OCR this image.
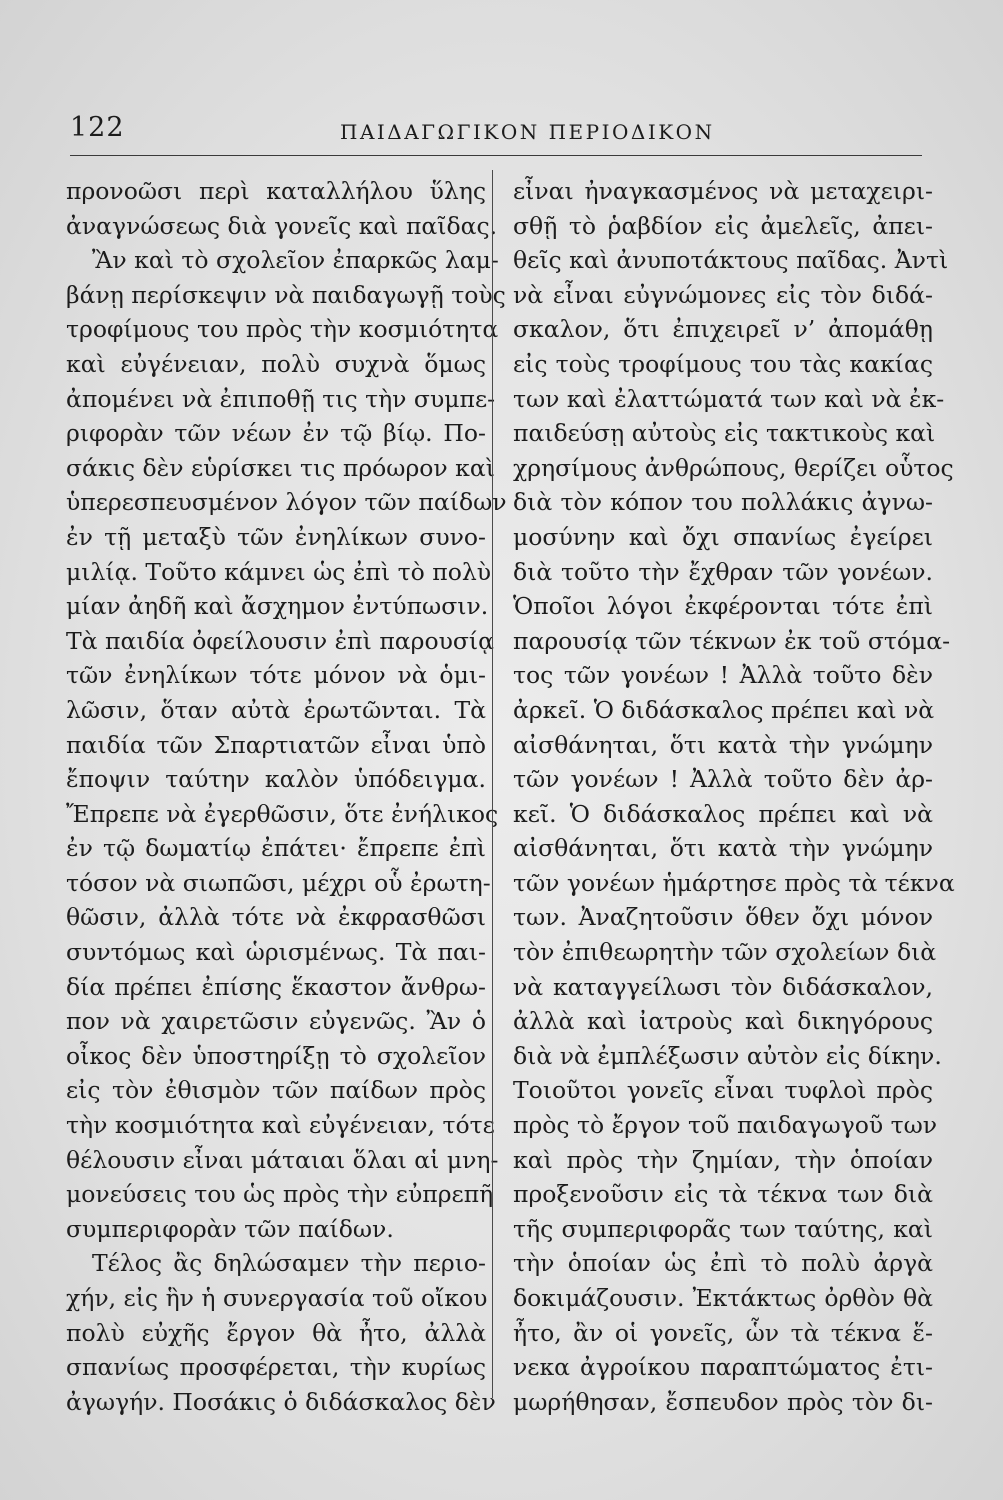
122	ΠΑΙΔΑΓΩΓΙΚΟΝ ΠΕΡΙΟΔΙΚΟΝ
προνοῶσι περὶ καταλλήλου ὕλης
ἀναγνώσεως διὰ γονεῖς καὶ παῖδας.
Ἂν καὶ τὸ σχολεῖον ἐπαρκῶς λαμ-
βάνῃ περίσκεψιν νὰ παιδαγωγῇ τοὺς
τροφίμους του πρὸς τὴν κοσμιότητα
καὶ εὐγένειαν, πολὺ συχνὰ ὅμως
ἀπομένει νὰ ἐπιποθῇ τις τὴν συμπε-
ριφορὰν τῶν νέων ἐν τῷ βίῳ. Πο-
σάκις δὲν εὑρίσκει τις πρόωρον καὶ
ὑπερεσπευσμένον λόγον τῶν παίδων
ἐν τῇ μεταξὺ τῶν ἐνηλίκων συνο-
μιλίᾳ. Τοῦτο κάμνει ὡς ἐπὶ τὸ πολὺ
μίαν ἀηδῆ καὶ ἄσχημον ἐντύπωσιν.
Τὰ παιδία ὀφείλουσιν ἐπὶ παρουσίᾳ
τῶν ἐνηλίκων τότε μόνον νὰ ὁμι-
λῶσιν, ὅταν αὐτὰ ἐρωτῶνται. Τὰ
παιδία τῶν Σπαρτιατῶν εἶναι ὑπὸ
ἔποψιν ταύτην καλὸν ὑπόδειγμα.
Ἔπρεπε νὰ ἐγερθῶσιν, ὅτε ἐνήλικος
ἐν τῷ δωματίῳ ἐπάτει· ἔπρεπε ἐπὶ
τόσον νὰ σιωπῶσι, μέχρι οὗ ἐρωτη-
θῶσιν, ἀλλὰ τότε νὰ ἐκφρασθῶσι
συντόμως καὶ ὡρισμένως. Τὰ παι-
δία πρέπει ἐπίσης ἕκαστον ἄνθρω-
πον νὰ χαιρετῶσιν εὐγενῶς. Ἂν ὁ
οἶκος δὲν ὑποστηρίξῃ τὸ σχολεῖον
εἰς τὸν ἐθισμὸν τῶν παίδων πρὸς
τὴν κοσμιότητα καὶ εὐγένειαν, τότε
θέλουσιν εἶναι μάταιαι ὅλαι αἱ μνη-
μονεύσεις του ὡς πρὸς τὴν εὐπρεπῆ
συμπεριφορὰν τῶν παίδων.
Τέλος ἂς δηλώσαμεν τὴν περιο-
χήν, εἰς ἣν ἡ συνεργασία τοῦ οἴκου
πολὺ εὐχῆς ἔργον θὰ ἦτο, ἀλλὰ
σπανίως προσφέρεται, τὴν κυρίως
ἀγωγήν. Ποσάκις ὁ διδάσκαλος δὲν
εἶναι ἠναγκασμένος νὰ μεταχειρι-
σθῇ τὸ ῥαβδίον εἰς ἀμελεῖς, ἀπει-
θεῖς καὶ ἀνυποτάκτους παῖδας. Ἀντὶ
νὰ εἶναι εὐγνώμονες εἰς τὸν διδά-
σκαλον, ὅτι ἐπιχειρεῖ ν’ ἀπομάθῃ
εἰς τοὺς τροφίμους του τὰς κακίας
των καὶ ἐλαττώματά των καὶ νὰ ἐκ-
παιδεύσῃ αὐτοὺς εἰς τακτικοὺς καὶ
χρησίμους ἀνθρώπους, θερίζει οὗτος
διὰ τὸν κόπον του πολλάκις ἀγνω-
μοσύνην καὶ ὄχι σπανίως ἐγείρει
διὰ τοῦτο τὴν ἔχθραν τῶν γονέων.
Ὁποῖοι λόγοι ἐκφέρονται τότε ἐπὶ
παρουσίᾳ τῶν τέκνων ἐκ τοῦ στόμα-
τος τῶν γονέων ! Ἀλλὰ τοῦτο δὲν
ἀρκεῖ. Ὁ διδάσκαλος πρέπει καὶ νὰ
αἰσθάνηται, ὅτι κατὰ τὴν γνώμην
τῶν γονέων ! Ἀλλὰ τοῦτο δὲν ἀρ-
κεῖ. Ὁ διδάσκαλος πρέπει καὶ νὰ
αἰσθάνηται, ὅτι κατὰ τὴν γνώμην
τῶν γονέων ἡμάρτησε πρὸς τὰ τέκνα
των. Ἀναζητοῦσιν ὅθεν ὄχι μόνον
τὸν ἐπιθεωρητὴν τῶν σχολείων διὰ
νὰ καταγγείλωσι τὸν διδάσκαλον,
ἀλλὰ καὶ ἰατροὺς καὶ δικηγόρους
διὰ νὰ ἐμπλέξωσιν αὐτὸν εἰς δίκην.
Τοιοῦτοι γονεῖς εἶναι τυφλοὶ πρὸς
πρὸς τὸ ἔργον τοῦ παιδαγωγοῦ των
καὶ πρὸς τὴν ζημίαν, τὴν ὁποίαν
προξενοῦσιν εἰς τὰ τέκνα των διὰ
τῆς συμπεριφορᾶς των ταύτης, καὶ
τὴν ὁποίαν ὡς ἐπὶ τὸ πολὺ ἀργὰ
δοκιμάζουσιν. Ἐκτάκτως ὀρθὸν θὰ
ἦτο, ἂν οἱ γονεῖς, ὧν τὰ τέκνα ἕ-
νεκα ἀγροίκου παραπτώματος ἐτι-
μωρήθησαν, ἔσπευδον πρὸς τὸν δι-
